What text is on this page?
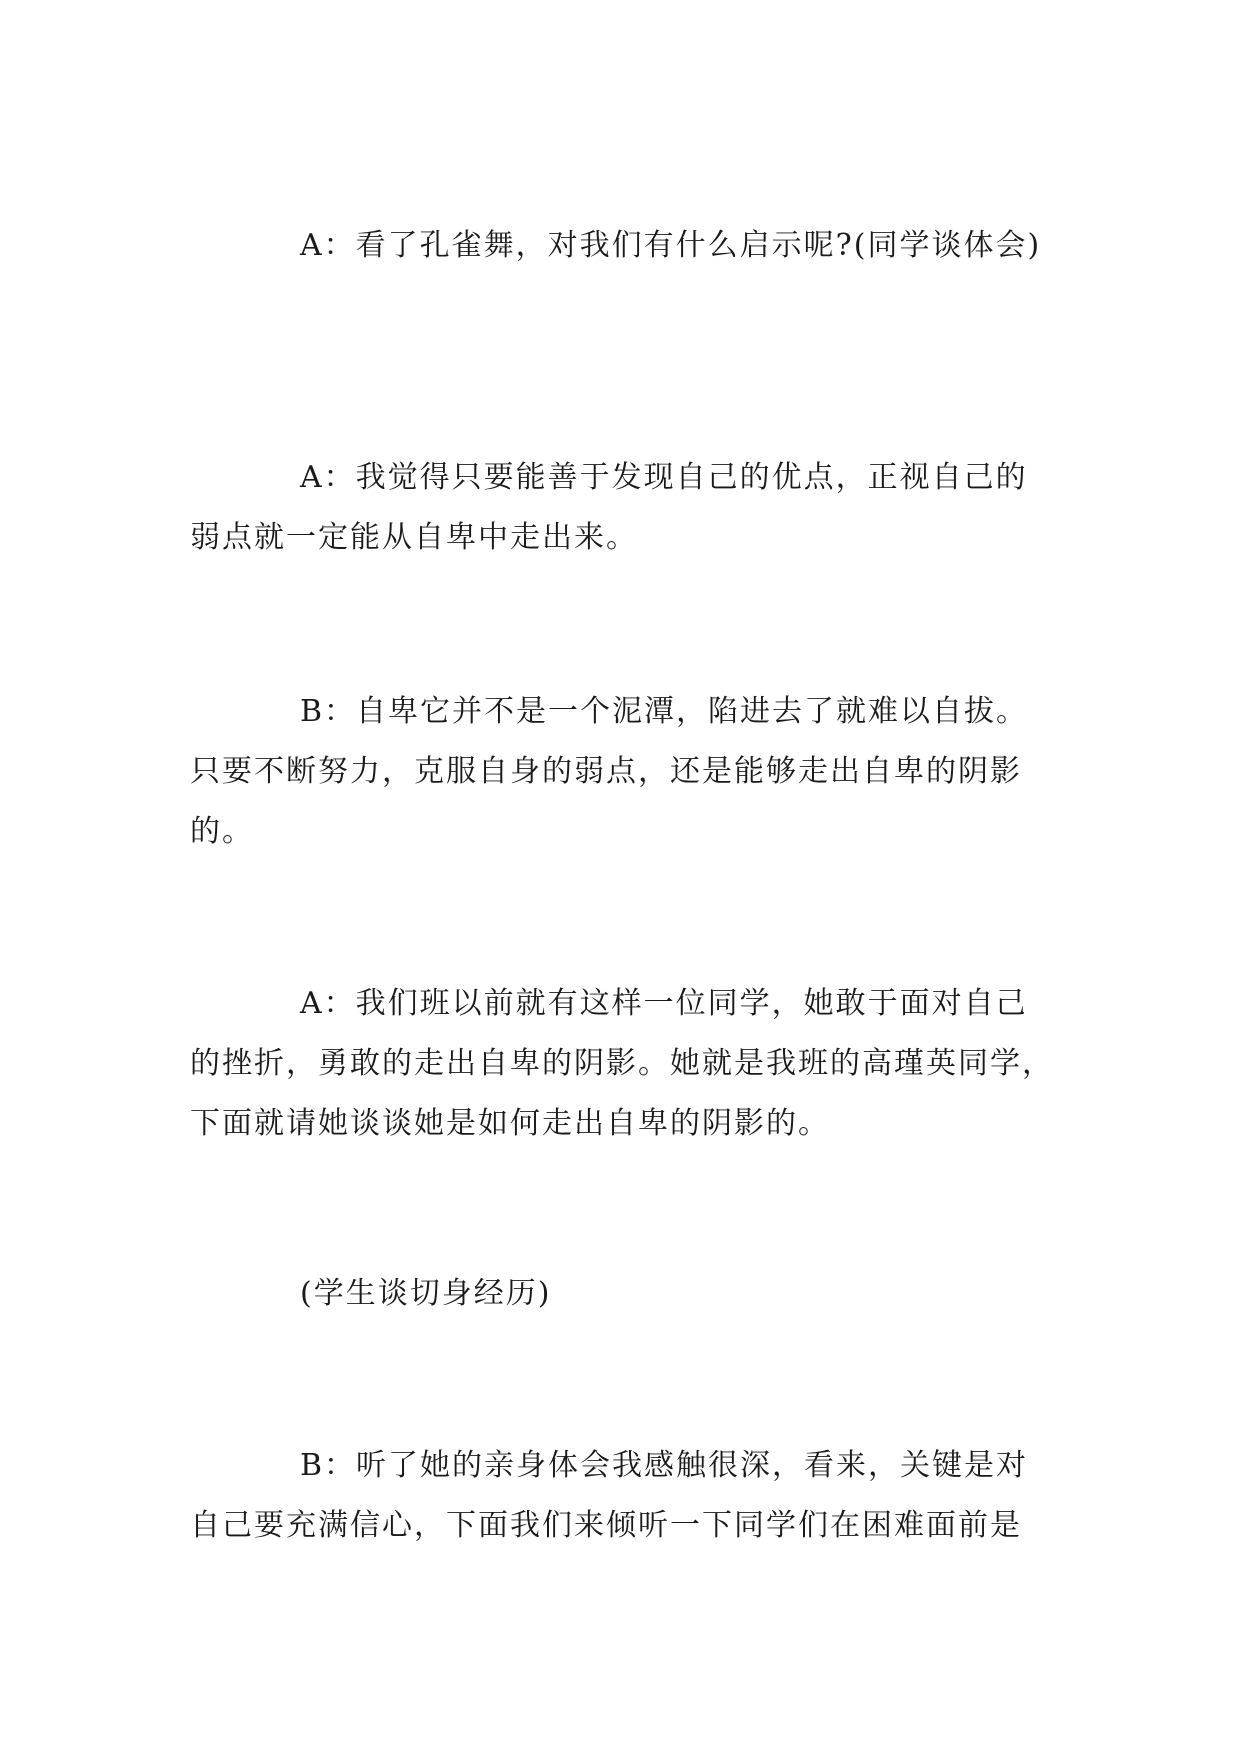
A：看了孔雀舞，对我们有什么启示呢?(同学谈体会)
A：我觉得只要能善于发现自己的优点，正视自己的
弱点就一定能从自卑中走出来。
B：自卑它并不是一个泥潭，陷进去了就难以自拔。
只要不断努力，克服自身的弱点，还是能够走出自卑的阴影
的。
A：我们班以前就有这样一位同学，她敢于面对自己
的挫折，勇敢的走出自卑的阴影。她就是我班的高瑾英同学，
下面就请她谈谈她是如何走出自卑的阴影的。
(学生谈切身经历)
B：听了她的亲身体会我感触很深，看来，关键是对
自己要充满信心，下面我们来倾听一下同学们在困难面前是
